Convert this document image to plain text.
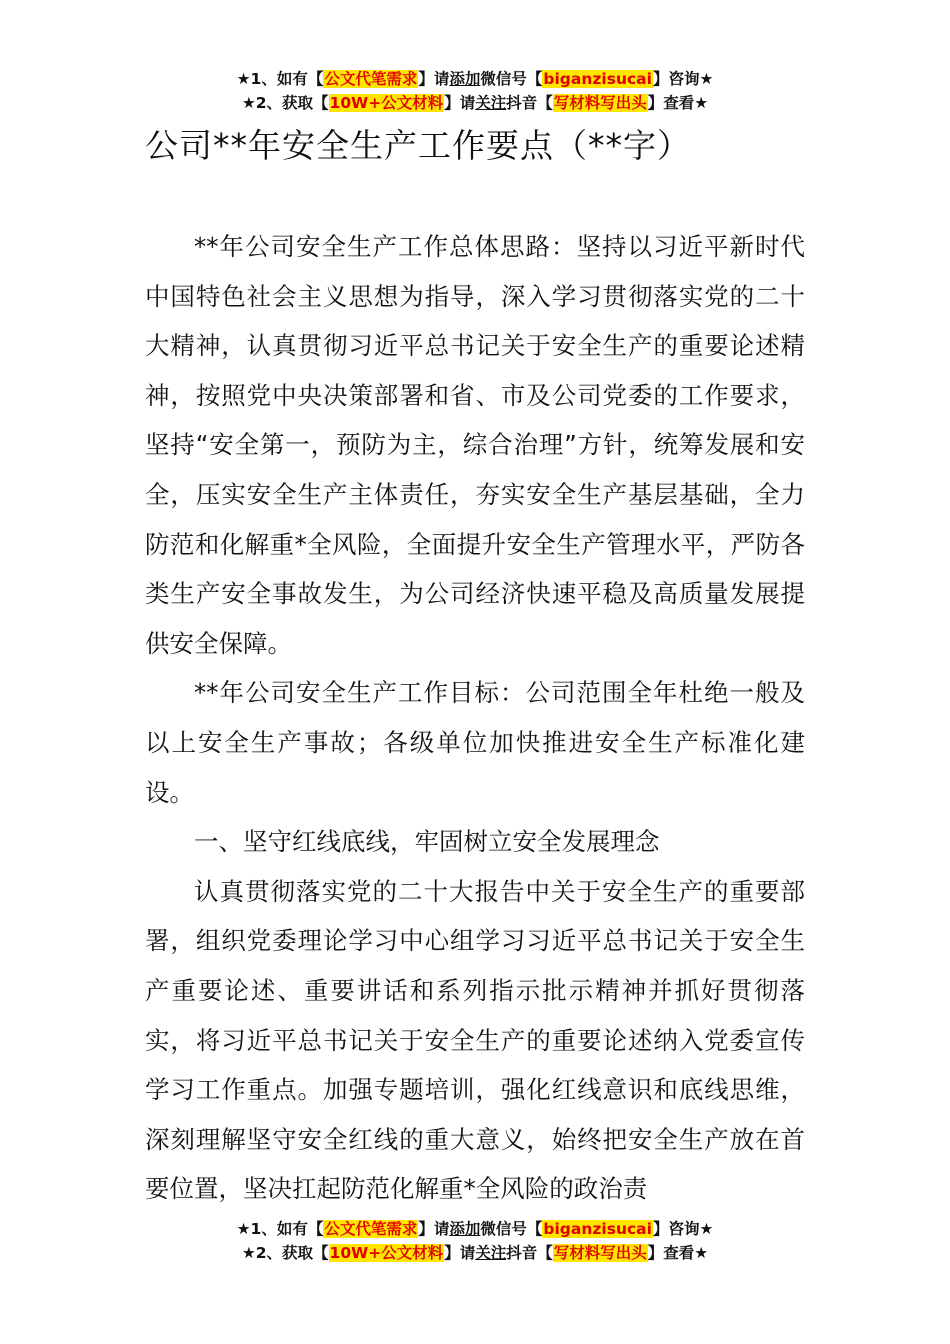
★1、如有【公文代笔需求】请添加微信号【biganzisucai】咨询★
★2、获取【10W+公文材料】请关注抖音【写材料写出头】查看★
公司**年安全生产工作要点（**字）

**年公司安全生产工作总体思路：坚持以习近平新时代中国特色社会主义思想为指导，深入学习贯彻落实党的二十大精神，认真贯彻习近平总书记关于安全生产的重要论述精神，按照党中央决策部署和省、市及公司党委的工作要求，坚持“安全第一，预防为主，综合治理”方针，统筹发展和安全，压实安全生产主体责任，夯实安全生产基层基础，全力防范和化解重*全风险，全面提升安全生产管理水平，严防各类生产安全事故发生，为公司经济快速平稳及高质量发展提供安全保障。

**年公司安全生产工作目标：公司范围全年杜绝一般及以上安全生产事故；各级单位加快推进安全生产标准化建设。

一、坚守红线底线，牢固树立安全发展理念

认真贯彻落实党的二十大报告中关于安全生产的重要部署，组织党委理论学习中心组学习习近平总书记关于安全生产重要论述、重要讲话和系列指示批示精神并抓好贯彻落实，将习近平总书记关于安全生产的重要论述纳入党委宣传学习工作重点。加强专题培训，强化红线意识和底线思维，深刻理解坚守安全红线的重大意义，始终把安全生产放在首要位置，坚决扛起防范化解重*全风险的政治责

★1、如有【公文代笔需求】请添加微信号【biganzisucai】咨询★
★2、获取【10W+公文材料】请关注抖音【写材料写出头】查看★
